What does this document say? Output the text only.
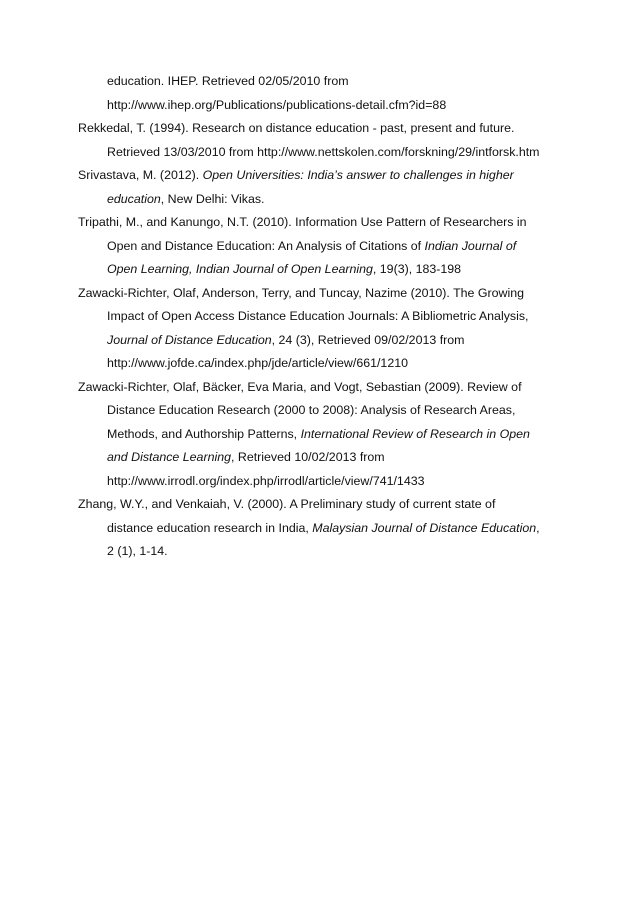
education. IHEP. Retrieved 02/05/2010 from
http://www.ihep.org/Publications/publications-detail.cfm?id=88
Rekkedal, T. (1994). Research on distance education - past, present and future.
Retrieved 13/03/2010 from http://www.nettskolen.com/forskning/29/intforsk.htm
Srivastava, M. (2012). Open Universities: India’s answer to challenges in higher
education, New Delhi: Vikas.
Tripathi, M., and Kanungo, N.T. (2010). Information Use Pattern of Researchers in
Open and Distance Education: An Analysis of Citations of Indian Journal of
Open Learning, Indian Journal of Open Learning, 19(3), 183-198
Zawacki-Richter, Olaf, Anderson, Terry, and Tuncay, Nazime (2010). The Growing
Impact of Open Access Distance Education Journals: A Bibliometric Analysis,
Journal of Distance Education, 24 (3), Retrieved 09/02/2013 from
http://www.jofde.ca/index.php/jde/article/view/661/1210
Zawacki-Richter, Olaf, Bäcker, Eva Maria, and Vogt, Sebastian (2009). Review of
Distance Education Research (2000 to 2008): Analysis of Research Areas,
Methods, and Authorship Patterns, International Review of Research in Open
and Distance Learning, Retrieved 10/02/2013 from
http://www.irrodl.org/index.php/irrodl/article/view/741/1433
Zhang, W.Y., and Venkaiah, V. (2000). A Preliminary study of current state of
distance education research in India, Malaysian Journal of Distance Education,
2 (1), 1-14.
